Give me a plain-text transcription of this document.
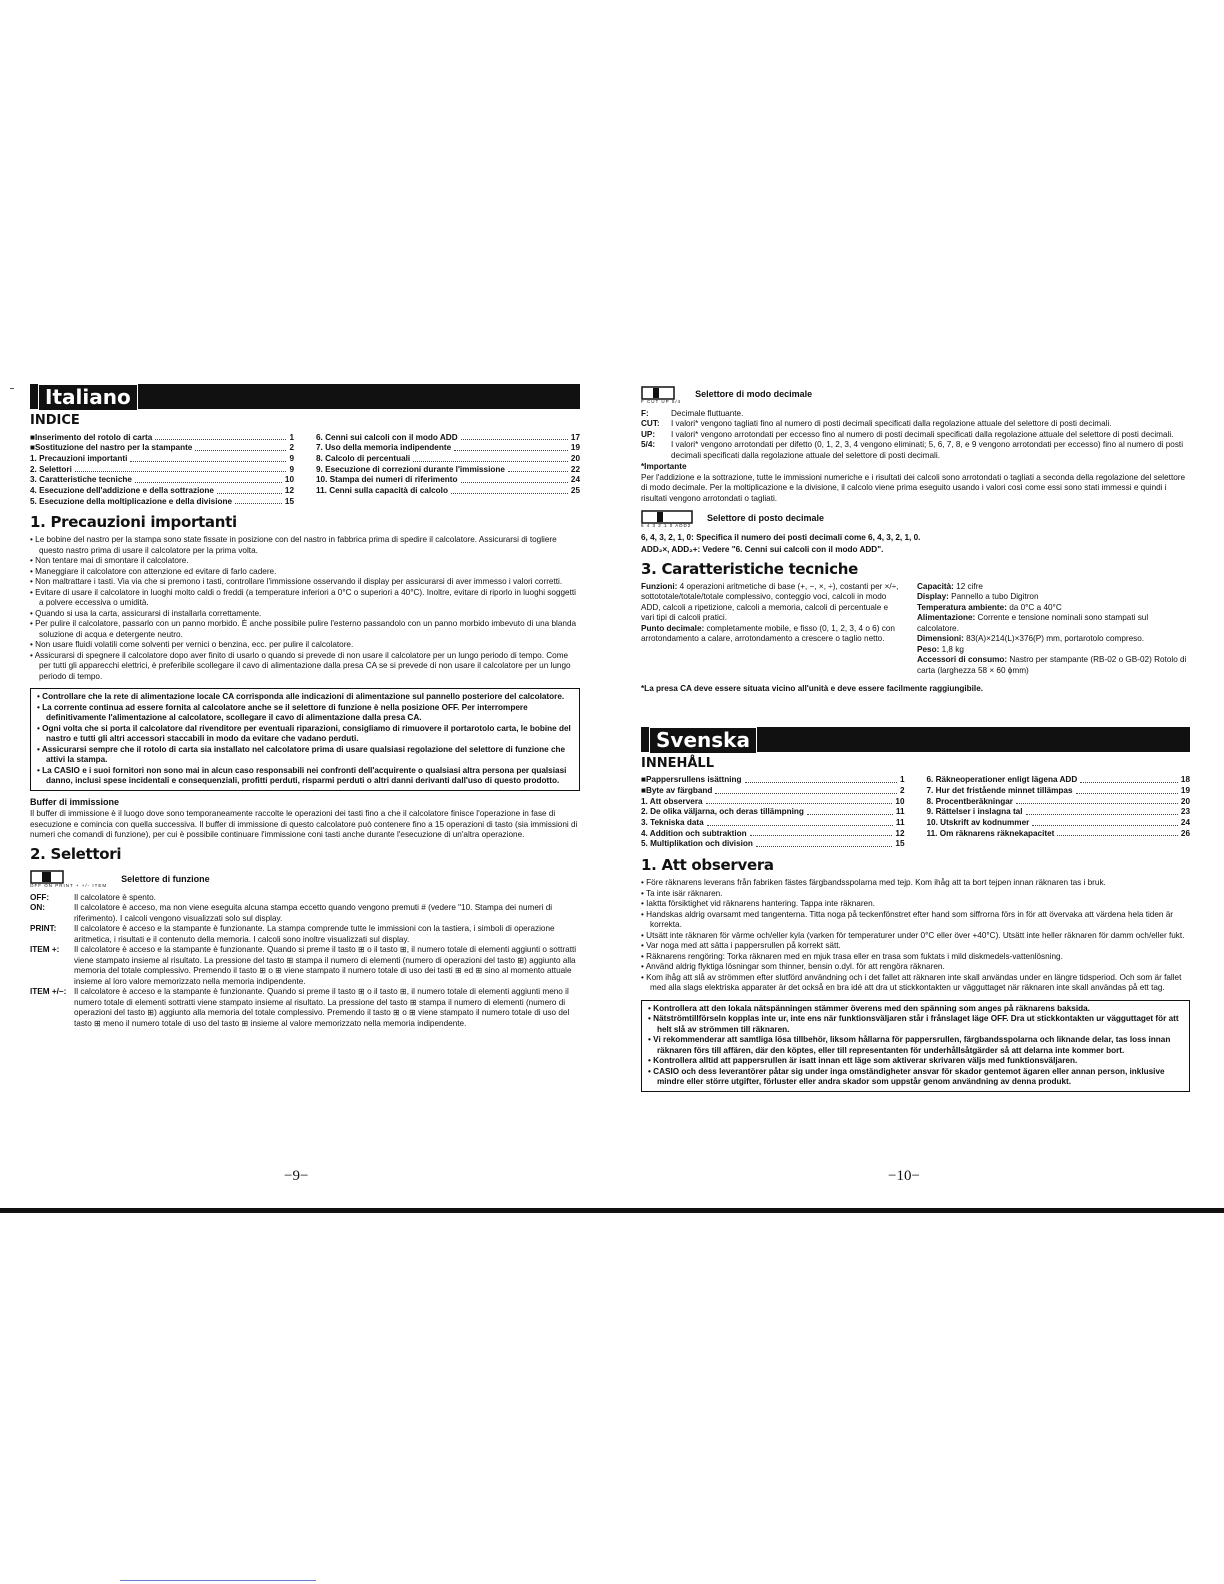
Italiano
INDICE
■Inserimento del rotolo di carta	1
■Sostituzione del nastro per la stampante	2
1. Precauzioni importanti	9
2. Selettori	9
3. Caratteristiche tecniche	10
4. Esecuzione dell'addizione e della sottrazione	12
5. Esecuzione della moltiplicazione e della divisione	15
6. Cenni sui calcoli con il modo ADD	17
7. Uso della memoria indipendente	19
8. Calcolo di percentuali	20
9. Esecuzione di correzioni durante l'immissione	22
10. Stampa dei numeri di riferimento	24
11. Cenni sulla capacità di calcolo	25
1. Precauzioni importanti
• Le bobine del nastro per la stampa sono state fissate in posizione con del nastro in fabbrica prima di spedire il calcolatore. Assicurarsi di togliere questo nastro prima di usare il calcolatore per la prima volta.
• Non tentare mai di smontare il calcolatore.
• Maneggiare il calcolatore con attenzione ed evitare di farlo cadere.
• Non maltrattare i tasti. Via via che si premono i tasti, controllare l'immissione osservando il display per assicurarsi di aver immesso i valori corretti.
• Evitare di usare il calcolatore in luoghi molto caldi o freddi (a temperature inferiori a 0°C o superiori a 40°C). Inoltre, evitare di riporlo in luoghi soggetti a polvere eccessiva o umidità.
• Quando si usa la carta, assicurarsi di installarla correttamente.
• Per pulire il calcolatore, passarlo con un panno morbido. È anche possibile pulire l'esterno passandolo con un panno morbido imbevuto di una blanda soluzione di acqua e detergente neutro.
• Non usare fluidi volatili come solventi per vernici o benzina, ecc. per pulire il calcolatore.
• Assicurarsi di spegnere il calcolatore dopo aver finito di usarlo o quando si prevede di non usare il calcolatore per un lungo periodo di tempo. Come per tutti gli apparecchi elettrici, è preferibile scollegare il cavo di alimentazione dalla presa CA se si prevede di non usare il calcolatore per un lungo periodo di tempo.
• Controllare che la rete di alimentazione locale CA corrisponda alle indicazioni di alimentazione sul pannello posteriore del calcolatore.
• La corrente continua ad essere fornita al calcolatore anche se il selettore di funzione è nella posizione OFF. Per interrompere definitivamente l'alimentazione al calcolatore, scollegare il cavo di alimentazione dalla presa CA.
• Ogni volta che si porta il calcolatore dal rivenditore per eventuali riparazioni, consigliamo di rimuovere il portarotolo carta, le bobine del nastro e tutti gli altri accessori staccabili in modo da evitare che vadano perduti.
• Assicurarsi sempre che il rotolo di carta sia installato nel calcolatore prima di usare qualsiasi regolazione del selettore di funzione che attivi la stampa.
• La CASIO e i suoi fornitori non sono mai in alcun caso responsabili nei confronti dell'acquirente o qualsiasi altra persona per qualsiasi danno, inclusi spese incidentali e consequenziali, profitti perduti, risparmi perduti o altri danni derivanti dall'uso di questo prodotto.
Buffer di immissione

Il buffer di immissione è il luogo dove sono temporaneamente raccolte le operazioni dei tasti fino a che il calcolatore finisce l'operazione in fase di esecuzione e comincia con quella successiva. Il buffer di immissione di questo calcolatore può contenere fino a 15 operazioni di tasto (sia immissioni di numeri che comandi di funzione), per cui è possibile continuare l'immissione coni tasti anche durante l'esecuzione di un'altra operazione.

2. Selettori
OFF ON PRINT + +/- ITEM
Selettore di funzione
OFF:	Il calcolatore è spento.
ON:	Il calcolatore è acceso, ma non viene eseguita alcuna stampa eccetto quando vengono premuti # (vedere "10. Stampa dei numeri di riferimento). I calcoli vengono visualizzati solo sul display.
PRINT:	Il calcolatore è acceso e la stampante è funzionante. La stampa comprende tutte le immissioni con la tastiera, i simboli di operazione aritmetica, i risultati e il contenuto della memoria. I calcoli sono inoltre visualizzati sul display.
ITEM +:	Il calcolatore è acceso e la stampante è funzionante. Quando si preme il tasto ⊞ o il tasto ⊞, il numero totale di elementi aggiunti o sottratti viene stampato insieme al risultato. La pressione del tasto ⊞ stampa il numero di elementi (numero di operazioni del tasto ⊞) aggiunto alla memoria del totale complessivo. Premendo il tasto ⊞ o ⊞ viene stampato il numero totale di uso dei tasti ⊞ ed ⊞ sino al momento attuale insieme al loro valore memorizzato nella memoria indipendente.
ITEM +/−: Il calcolatore è acceso e la stampante è funzionante. Quando si preme il tasto ⊞ o il tasto ⊞, il numero totale di elementi aggiunti meno il numero totale di elementi sottratti viene stampato insieme al risultato. La pressione del tasto ⊞ stampa il numero di elementi (numero di operazioni del tasto ⊞) aggiunto alla memoria del totale complessivo. Premendo il tasto ⊞ o ⊞ viene stampato il numero totale di uso del tasto ⊞ meno il numero totale di uso del tasto ⊞ insieme al valore memorizzato nella memoria indipendente.
−9−
F CUT UP 5/4
Selettore di modo decimale
F:	Decimale fluttuante.
CUT:	I valori* vengono tagliati fino al numero di posti decimali specificati dalla regolazione attuale del selettore di posti decimali.
UP:	I valori* vengono arrotondati per eccesso fino al numero di posti decimali specificati dalla regolazione attuale del selettore di posti decimali.
5/4:	I valori* vengono arrotondati per difetto (0, 1, 2, 3, 4 vengono eliminati; 5, 6, 7, 8, e 9 vengono arrotondati per eccesso) fino al numero di posti decimali specificati dalla regolazione attuale del selettore di posti decimali.
*Importante

Per l'addizione e la sottrazione, tutte le immissioni numeriche e i risultati dei calcoli sono arrotondati o tagliati a seconda della regolazione del selettore di modo decimale. Per la moltiplicazione e la divisione, il calcolo viene prima eseguito usando i valori così come essi sono stati immessi e quindi i risultati vengono arrotondati o tagliati.

6 4 3 2 1 0 ADD2
Selettore di posto decimale

6, 4, 3, 2, 1, 0: Specifica il numero dei posti decimali come 6, 4, 3, 2, 1, 0.

ADD₂×, ADD₂+: Vedere "6. Cenni sui calcoli con il modo ADD".

3. Caratteristiche tecniche
Funzioni: 4 operazioni aritmetiche di base (+, −, ×, ÷), costanti per ×/÷, sottototale/totale/totale complessivo, conteggio voci, calcoli in modo ADD, calcoli a ripetizione, calcoli a memoria, calcoli di percentuale e vari tipi di calcoli pratici.
Punto decimale: completamente mobile, e fisso (0, 1, 2, 3, 4 o 6) con arrotondamento a calare, arrotondamento a crescere o taglio netto.
Capacità: 12 cifre
Display: Pannello a tubo Digitron
Temperatura ambiente: da 0°C a 40°C
Alimentazione: Corrente e tensione nominali sono stampati sul calcolatore.
Dimensioni: 83(A)×214(L)×376(P) mm, portarotolo compreso.
Peso: 1,8 kg
Accessori di consumo: Nastro per stampante (RB-02 o GB-02) Rotolo di carta (larghezza 58 × 60 ϕmm)
*La presa CA deve essere situata vicino all'unità e deve essere facilmente raggiungibile.
Svenska
INNEHÅLL
■Pappersrullens isättning	1
■Byte av färgband	2
1. Att observera	10
2. De olika väljarna, och deras tillämpning	11
3. Tekniska data	11
4. Addition och subtraktion	12
5. Multiplikation och division	15
6. Räkneoperationer enligt lägena ADD	18
7. Hur det fristående minnet tillämpas	19
8. Procentberäkningar	20
9. Rättelser i inslagna tal	23
10. Utskrift av kodnummer	24
11. Om räknarens räknekapacitet	26
1. Att observera
• Före räknarens leverans från fabriken fästes färgbandsspolarna med tejp. Kom ihåg att ta bort tejpen innan räknaren tas i bruk.
• Ta inte isär räknaren.
• Iaktta försiktighet vid räknarens hantering. Tappa inte räknaren.
• Handskas aldrig ovarsamt med tangenterna. Titta noga på teckenfönstret efter hand som siffrorna förs in för att övervaka att värdena hela tiden är korrekta.
• Utsätt inte räknaren för värme och/eller kyla (varken för temperaturer under 0°C eller över +40°C). Utsätt inte heller räknaren för damm och/eller fukt.
• Var noga med att sätta i pappersrullen på korrekt sätt.
• Räknarens rengöring: Torka räknaren med en mjuk trasa eller en trasa som fuktats i mild diskmedels-vattenlösning.
• Använd aldrig flyktiga lösningar som thinner, bensin o.dyl. för att rengöra räknaren.
• Kom ihåg att slå av strömmen efter slutförd användning och i det fallet att räknaren inte skall användas under en längre tidsperiod. Och som är fallet med alla slags elektriska apparater är det också en bra idé att dra ut stickkontakten ur vägguttaget när räknaren inte skall användas på ett tag.
• Kontrollera att den lokala nätspänningen stämmer överens med den spänning som anges på räknarens baksida.
• Nätströmtillförseln kopplas inte ur, inte ens när funktionsväljaren står i frånslaget läge OFF. Dra ut stickkontakten ur vägguttaget för att helt slå av strömmen till räknaren.
• Vi rekommenderar att samtliga lösa tillbehör, liksom hållarna för pappersrullen, färgbandsspolarna och liknande delar, tas loss innan räknaren förs till affären, där den köptes, eller till representanten för underhållsåtgärder så att delarna inte kommer bort.
• Kontrollera alltid att pappersrullen är isatt innan ett läge som aktiverar skrivaren väljs med funktionsväljaren.
• CASIO och dess leverantörer påtar sig under inga omständigheter ansvar för skador gentemot ägaren eller annan person, inklusive mindre eller större utgifter, förluster eller andra skador som uppstår genom användning av denna produkt.
−10−
